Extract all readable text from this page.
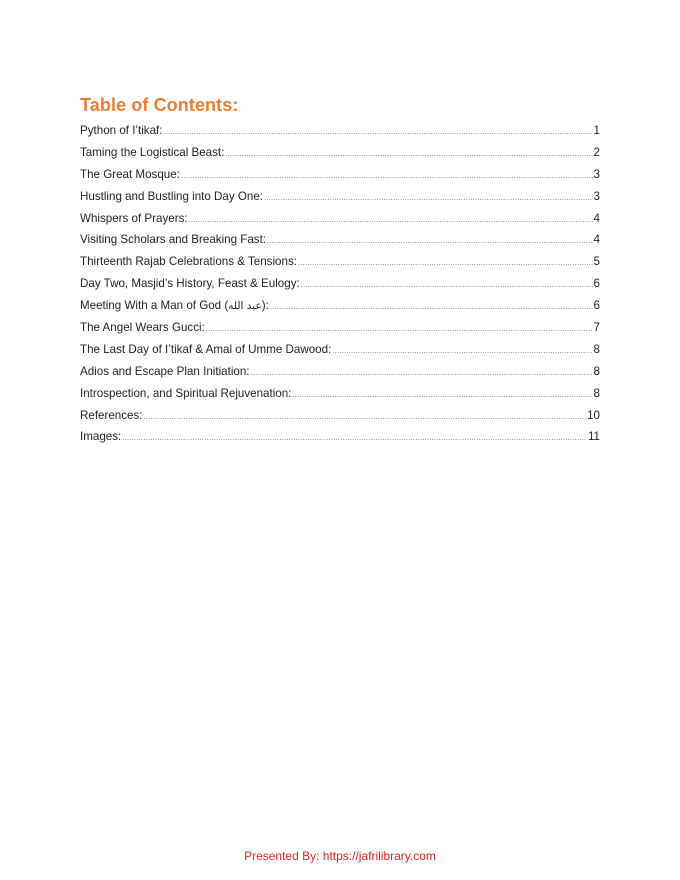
Table of Contents:
Python of I’tikaf: .....	1
Taming the Logistical Beast: .....	2
The Great Mosque: .....	3
Hustling and Bustling into Day One: .....	3
Whispers of Prayers: .....	4
Visiting Scholars and Breaking Fast: .....	4
Thirteenth Rajab Celebrations & Tensions: .....	5
Day Two, Masjid’s History, Feast & Eulogy: .....	6
Meeting With a Man of God (عبد الله): .....	6
The Angel Wears Gucci: .....	7
The Last Day of I’tikaf & Amal of Umme Dawood: .....	8
Adios and Escape Plan Initiation: .....	8
Introspection, and Spiritual Rejuvenation: .....	8
References: .....	10
Images: .....	11
Presented By: https://jafrilibrary.com
